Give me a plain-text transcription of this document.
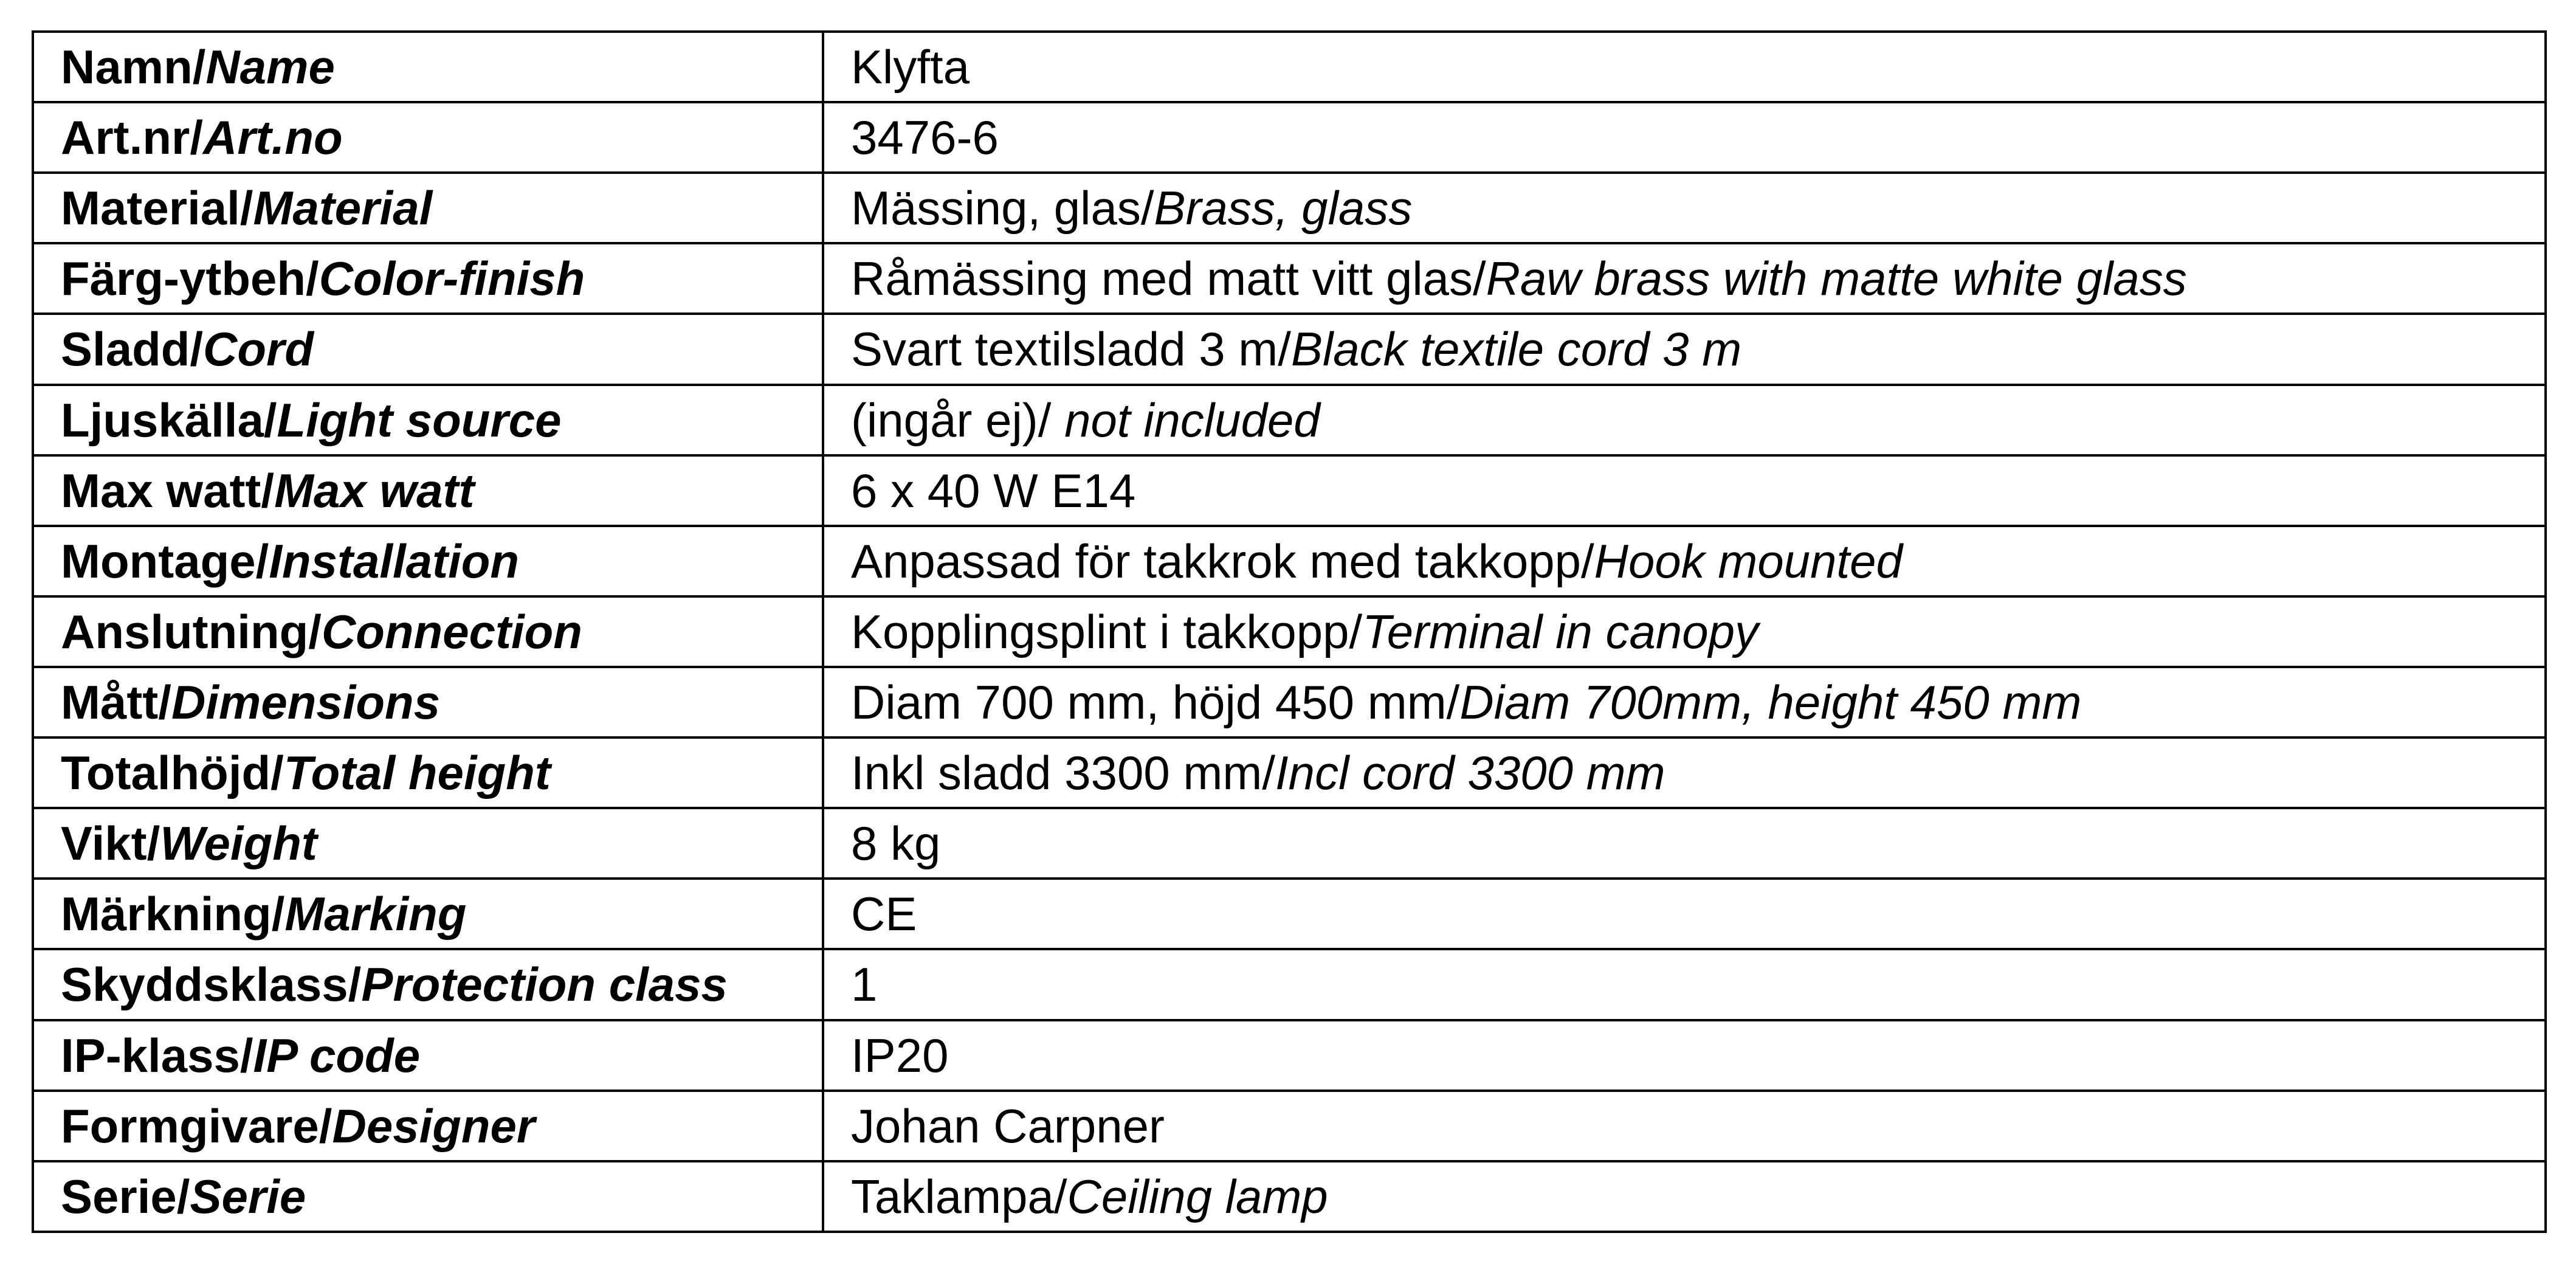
Namn/Name	Klyfta
Art.nr/Art.no	3476-6
Material/Material	Mässing, glas/Brass, glass
Färg-ytbeh/Color-finish	Råmässing med matt vitt glas/Raw brass with matte white glass
Sladd/Cord	Svart textilsladd 3 m/Black textile cord 3 m
Ljuskälla/Light source	(ingår ej)/ not included
Max watt/Max watt	6 x 40 W E14
Montage/Installation	Anpassad för takkrok med takkopp/Hook mounted
Anslutning/Connection	Kopplingsplint i takkopp/Terminal in canopy
Mått/Dimensions	Diam 700 mm, höjd 450 mm/Diam 700mm, height 450 mm
Totalhöjd/Total height	Inkl sladd 3300 mm/Incl cord 3300 mm
Vikt/Weight	8 kg
Märkning/Marking	CE
Skyddsklass/Protection class	1
IP-klass/IP code	IP20
Formgivare/Designer	Johan Carpner
Serie/Serie	Taklampa/Ceiling lamp
